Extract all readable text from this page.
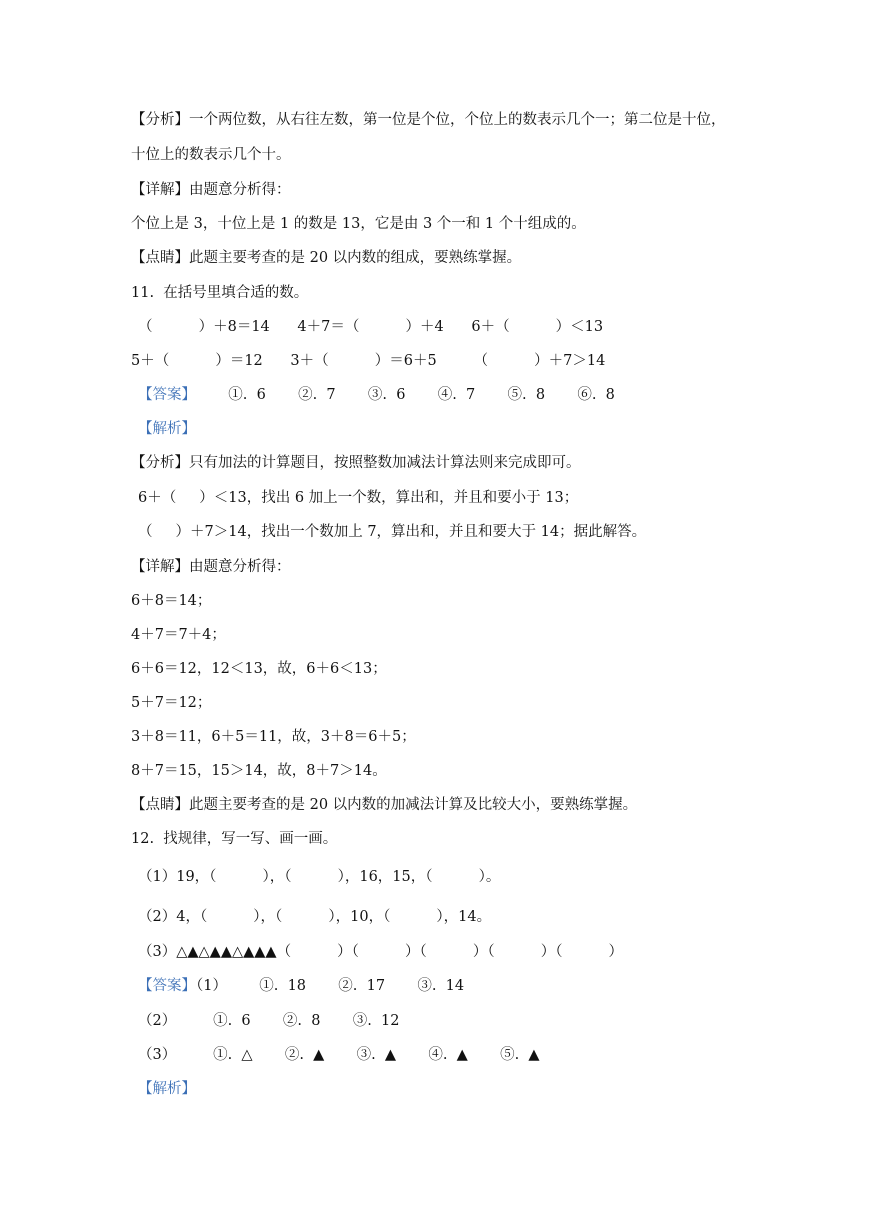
【分析】一个两位数，从右往左数，第一位是个位，个位上的数表示几个一；第二位是十位，
十位上的数表示几个十。
【详解】由题意分析得：
个位上是 3，十位上是 1 的数是 13，它是由 3 个一和 1 个十组成的。
【点睛】此题主要考查的是 20 以内数的组成，要熟练掌握。
11.  在括号里填合适的数。
（          ）＋8＝14      4＋7＝（          ）＋4      6＋（          ）＜13
5＋（          ）＝12      3＋（          ）＝6＋5        （          ）＋7＞14
【答案】       ①.  6       ②.  7       ③.  6       ④.  7       ⑤.  8       ⑥.  8
【解析】
【分析】只有加法的计算题目，按照整数加减法计算法则来完成即可。
6＋（     ）＜13，找出 6 加上一个数，算出和，并且和要小于 13；
（     ）＋7＞14，找出一个数加上 7，算出和，并且和要大于 14；据此解答。
【详解】由题意分析得：
6＋8＝14；
4＋7＝7＋4；
6＋6＝12，12＜13，故，6＋6＜13；
5＋7＝12；
3＋8＝11，6＋5＝11，故，3＋8＝6＋5；
8＋7＝15，15＞14，故，8＋7＞14。
【点睛】此题主要考查的是 20 以内数的加减法计算及比较大小，要熟练掌握。
12.  找规律，写一写、画一画。
（1）19，（          ），（          ），16，15，（          ）。
（2）4，（          ），（          ），10，（          ），14。
（3）△▲△▲▲△▲▲▲（          ）（          ）（          ）（          ）（          ）
【答案】（1）       ①.  18       ②.  17       ③.  14
（2）        ①.  6       ②.  8       ③.  12
（3）        ①.  △       ②.  ▲       ③.  ▲       ④.  ▲       ⑤.  ▲
【解析】
